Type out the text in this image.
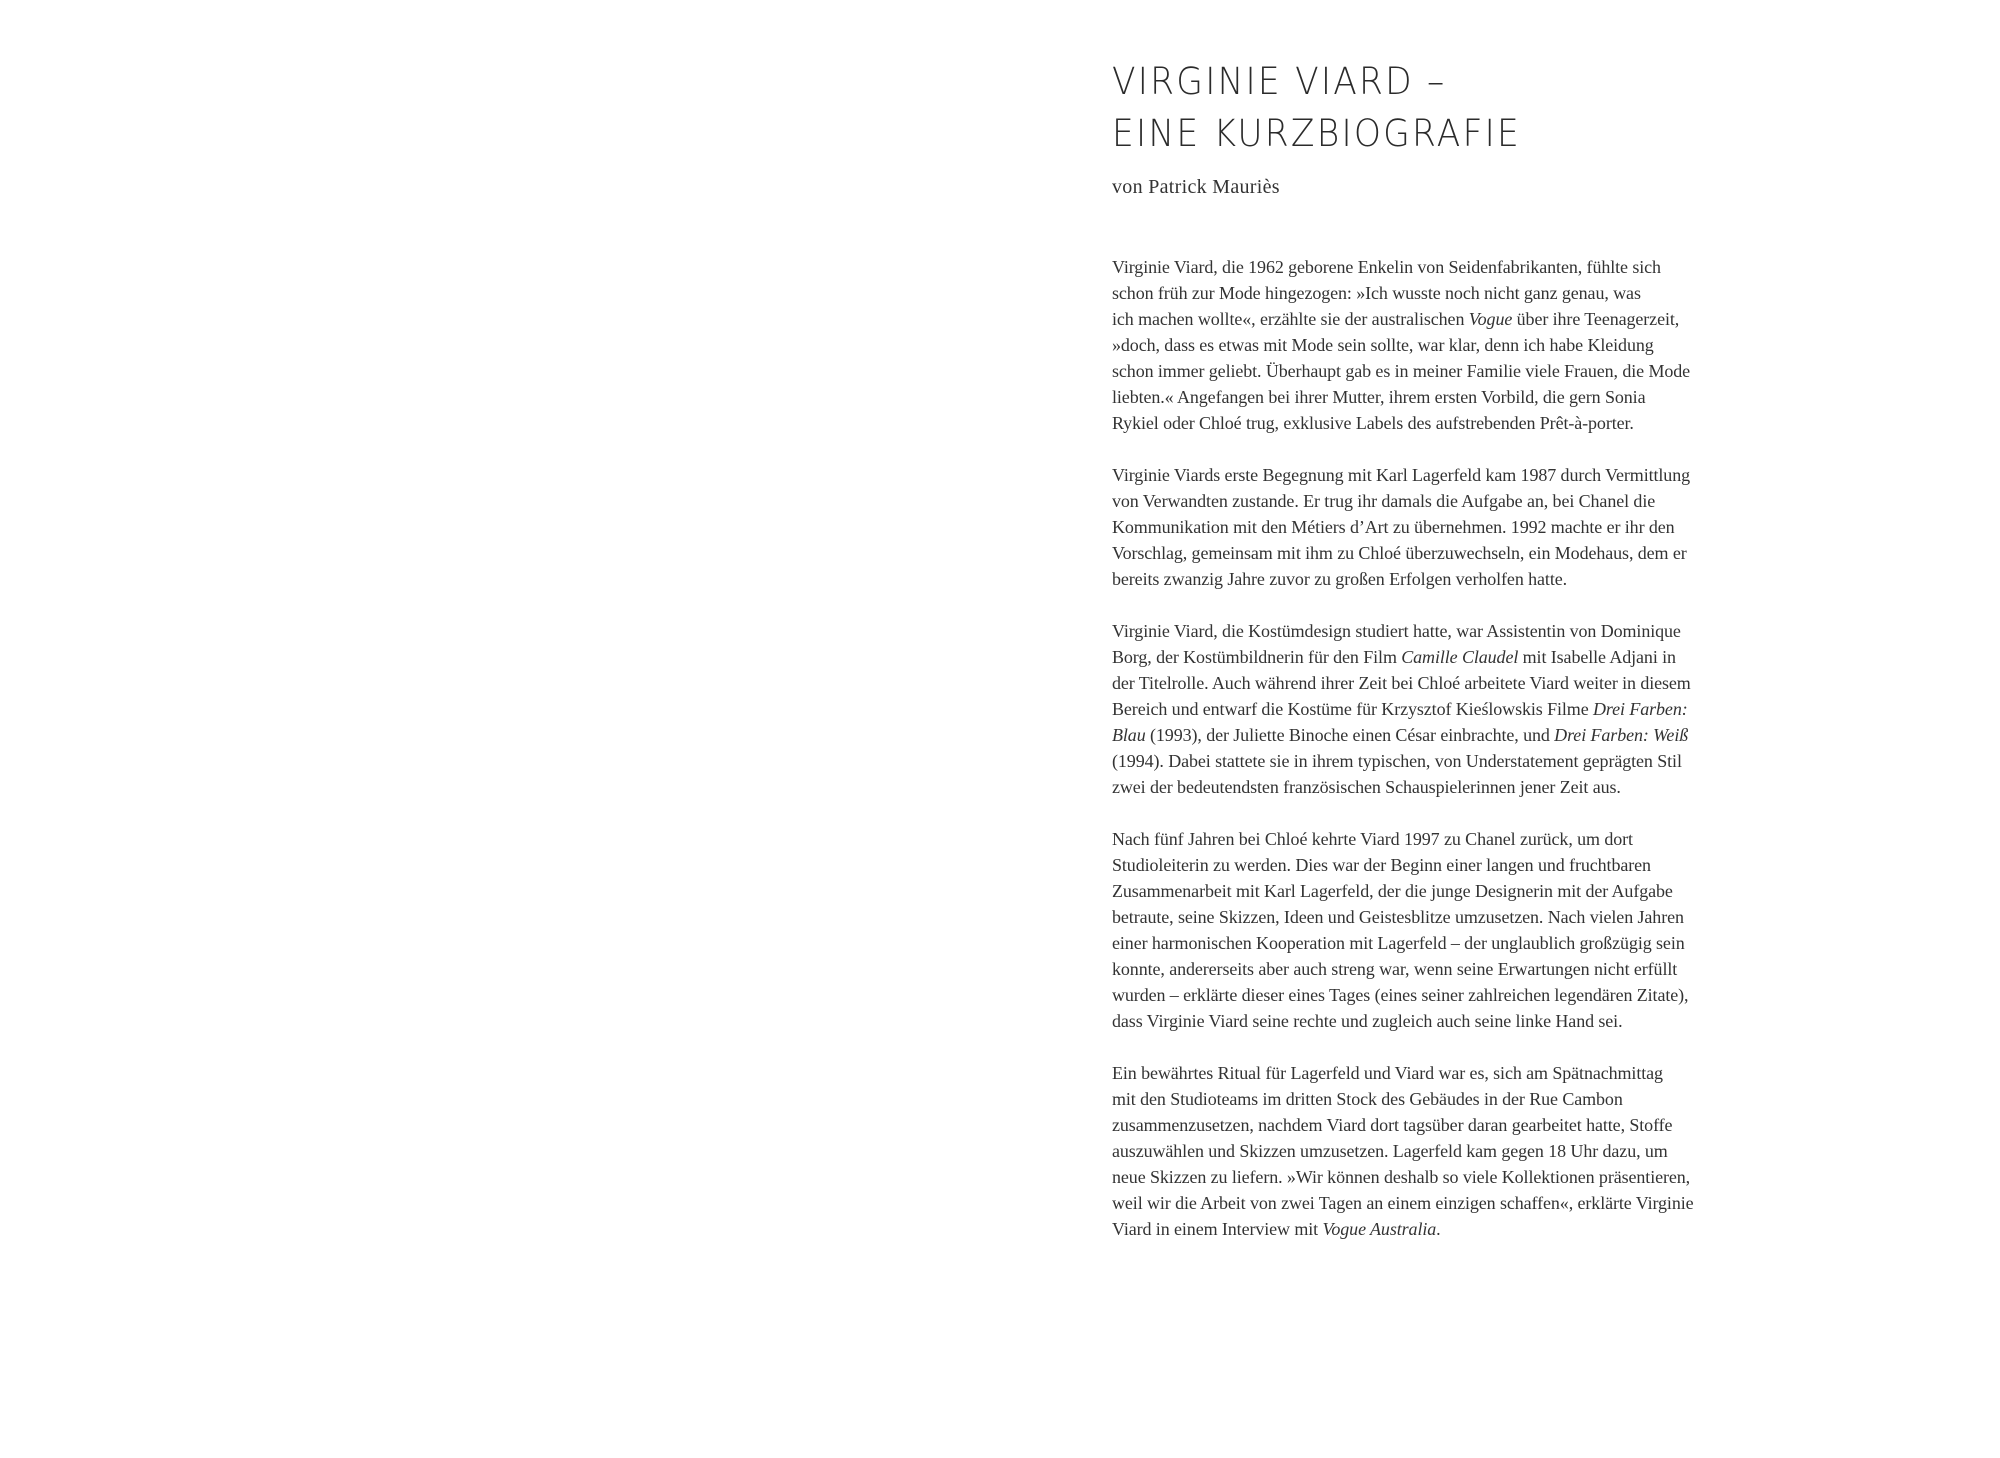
VIRGINIE VIARD –
EINE KURZBIOGRAFIE
von Patrick Mauriès
Virginie Viard, die 1962 geborene Enkelin von Seidenfabrikanten, fühlte sich
schon früh zur Mode hingezogen: »Ich wusste noch nicht ganz genau, was
ich machen wollte«, erzählte sie der australischen Vogue über ihre Teenagerzeit,
»doch, dass es etwas mit Mode sein sollte, war klar, denn ich habe Kleidung
schon immer geliebt. Überhaupt gab es in meiner Familie viele Frauen, die Mode
liebten.« Angefangen bei ihrer Mutter, ihrem ersten Vorbild, die gern Sonia
Rykiel oder Chloé trug, exklusive Labels des aufstrebenden Prêt-à-porter.
Virginie Viards erste Begegnung mit Karl Lagerfeld kam 1987 durch Vermittlung
von Verwandten zustande. Er trug ihr damals die Aufgabe an, bei Chanel die
Kommunikation mit den Métiers d’Art zu übernehmen. 1992 machte er ihr den
Vorschlag, gemeinsam mit ihm zu Chloé überzuwechseln, ein Modehaus, dem er
bereits zwanzig Jahre zuvor zu großen Erfolgen verholfen hatte.
Virginie Viard, die Kostümdesign studiert hatte, war Assistentin von Dominique
Borg, der Kostümbildnerin für den Film Camille Claudel mit Isabelle Adjani in
der Titelrolle. Auch während ihrer Zeit bei Chloé arbeitete Viard weiter in diesem
Bereich und entwarf die Kostüme für Krzysztof Kieślowskis Filme Drei Farben:
Blau (1993), der Juliette Binoche einen César einbrachte, und Drei Farben: Weiß
(1994). Dabei stattete sie in ihrem typischen, von Understatement geprägten Stil
zwei der bedeutendsten französischen Schauspielerinnen jener Zeit aus.
Nach fünf Jahren bei Chloé kehrte Viard 1997 zu Chanel zurück, um dort
Studioleiterin zu werden. Dies war der Beginn einer langen und fruchtbaren
Zusammenarbeit mit Karl Lagerfeld, der die junge Designerin mit der Aufgabe
betraute, seine Skizzen, Ideen und Geistesblitze umzusetzen. Nach vielen Jahren
einer harmonischen Kooperation mit Lagerfeld – der unglaublich großzügig sein
konnte, andererseits aber auch streng war, wenn seine Erwartungen nicht erfüllt
wurden – erklärte dieser eines Tages (eines seiner zahlreichen legendären Zitate),
dass Virginie Viard seine rechte und zugleich auch seine linke Hand sei.
Ein bewährtes Ritual für Lagerfeld und Viard war es, sich am Spätnachmittag
mit den Studioteams im dritten Stock des Gebäudes in der Rue Cambon
zusammenzusetzen, nachdem Viard dort tagsüber daran gearbeitet hatte, Stoffe
auszuwählen und Skizzen umzusetzen. Lagerfeld kam gegen 18 Uhr dazu, um
neue Skizzen zu liefern. »Wir können deshalb so viele Kollektionen präsentieren,
weil wir die Arbeit von zwei Tagen an einem einzigen schaffen«, erklärte Virginie
Viard in einem Interview mit Vogue Australia.
